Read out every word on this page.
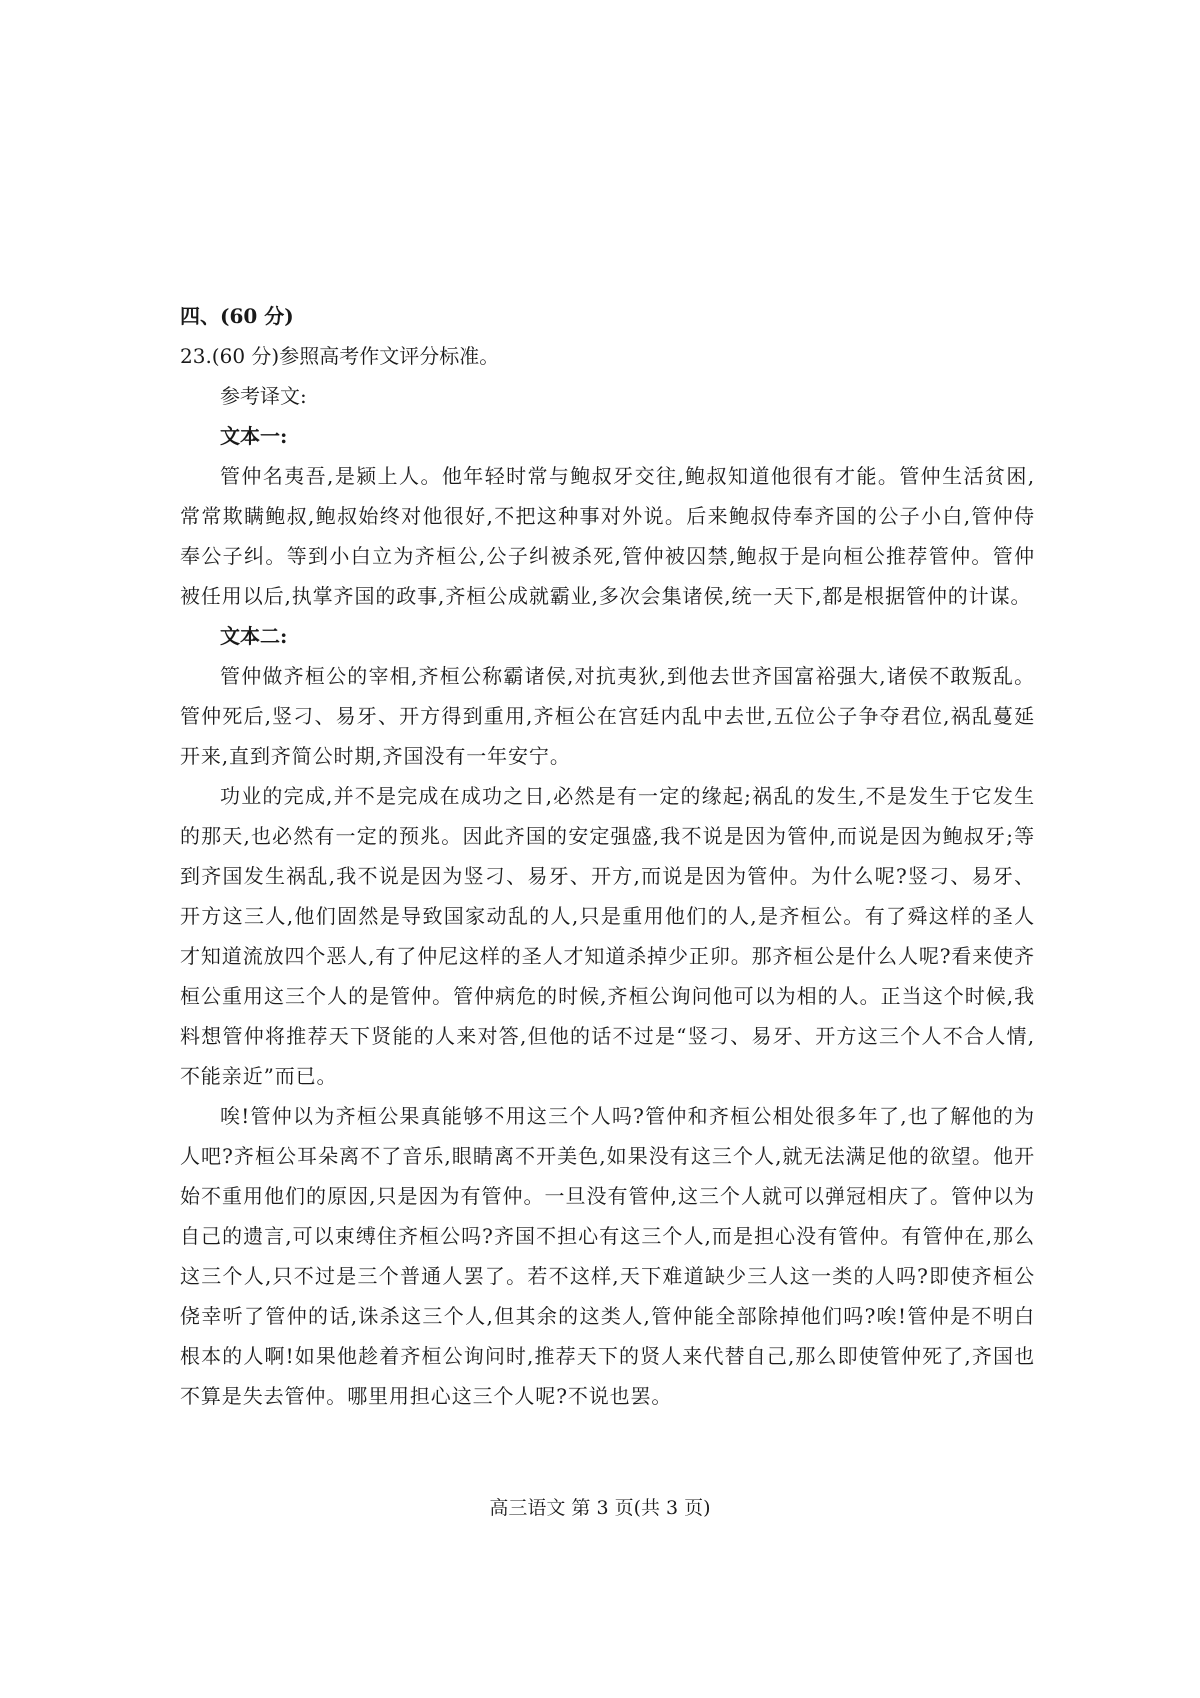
四、(60 分)

23.(60 分)参照高考作文评分标准。

参考译文:

文本一:

管仲名夷吾,是颍上人。他年轻时常与鲍叔牙交往,鲍叔知道他很有才能。管仲生活贫困,常常欺瞒鲍叔,鲍叔始终对他很好,不把这种事对外说。后来鲍叔侍奉齐国的公子小白,管仲侍奉公子纠。等到小白立为齐桓公,公子纠被杀死,管仲被囚禁,鲍叔于是向桓公推荐管仲。管仲被任用以后,执掌齐国的政事,齐桓公成就霸业,多次会集诸侯,统一天下,都是根据管仲的计谋。

文本二:

管仲做齐桓公的宰相,齐桓公称霸诸侯,对抗夷狄,到他去世齐国富裕强大,诸侯不敢叛乱。管仲死后,竖刁、易牙、开方得到重用,齐桓公在宫廷内乱中去世,五位公子争夺君位,祸乱蔓延开来,直到齐简公时期,齐国没有一年安宁。

功业的完成,并不是完成在成功之日,必然是有一定的缘起;祸乱的发生,不是发生于它发生的那天,也必然有一定的预兆。因此齐国的安定强盛,我不说是因为管仲,而说是因为鲍叔牙;等到齐国发生祸乱,我不说是因为竖刁、易牙、开方,而说是因为管仲。为什么呢?竖刁、易牙、开方这三人,他们固然是导致国家动乱的人,只是重用他们的人,是齐桓公。有了舜这样的圣人才知道流放四个恶人,有了仲尼这样的圣人才知道杀掉少正卯。那齐桓公是什么人呢?看来使齐桓公重用这三个人的是管仲。管仲病危的时候,齐桓公询问他可以为相的人。正当这个时候,我料想管仲将推荐天下贤能的人来对答,但他的话不过是“竖刁、易牙、开方这三个人不合人情,不能亲近”而已。

唉!管仲以为齐桓公果真能够不用这三个人吗?管仲和齐桓公相处很多年了,也了解他的为人吧?齐桓公耳朵离不了音乐,眼睛离不开美色,如果没有这三个人,就无法满足他的欲望。他开始不重用他们的原因,只是因为有管仲。一旦没有管仲,这三个人就可以弹冠相庆了。管仲以为自己的遗言,可以束缚住齐桓公吗?齐国不担心有这三个人,而是担心没有管仲。有管仲在,那么这三个人,只不过是三个普通人罢了。若不这样,天下难道缺少三人这一类的人吗?即使齐桓公侥幸听了管仲的话,诛杀这三个人,但其余的这类人,管仲能全部除掉他们吗?唉!管仲是不明白根本的人啊!如果他趁着齐桓公询问时,推荐天下的贤人来代替自己,那么即使管仲死了,齐国也不算是失去管仲。哪里用担心这三个人呢?不说也罢。

高三语文 第 3 页(共 3 页)
